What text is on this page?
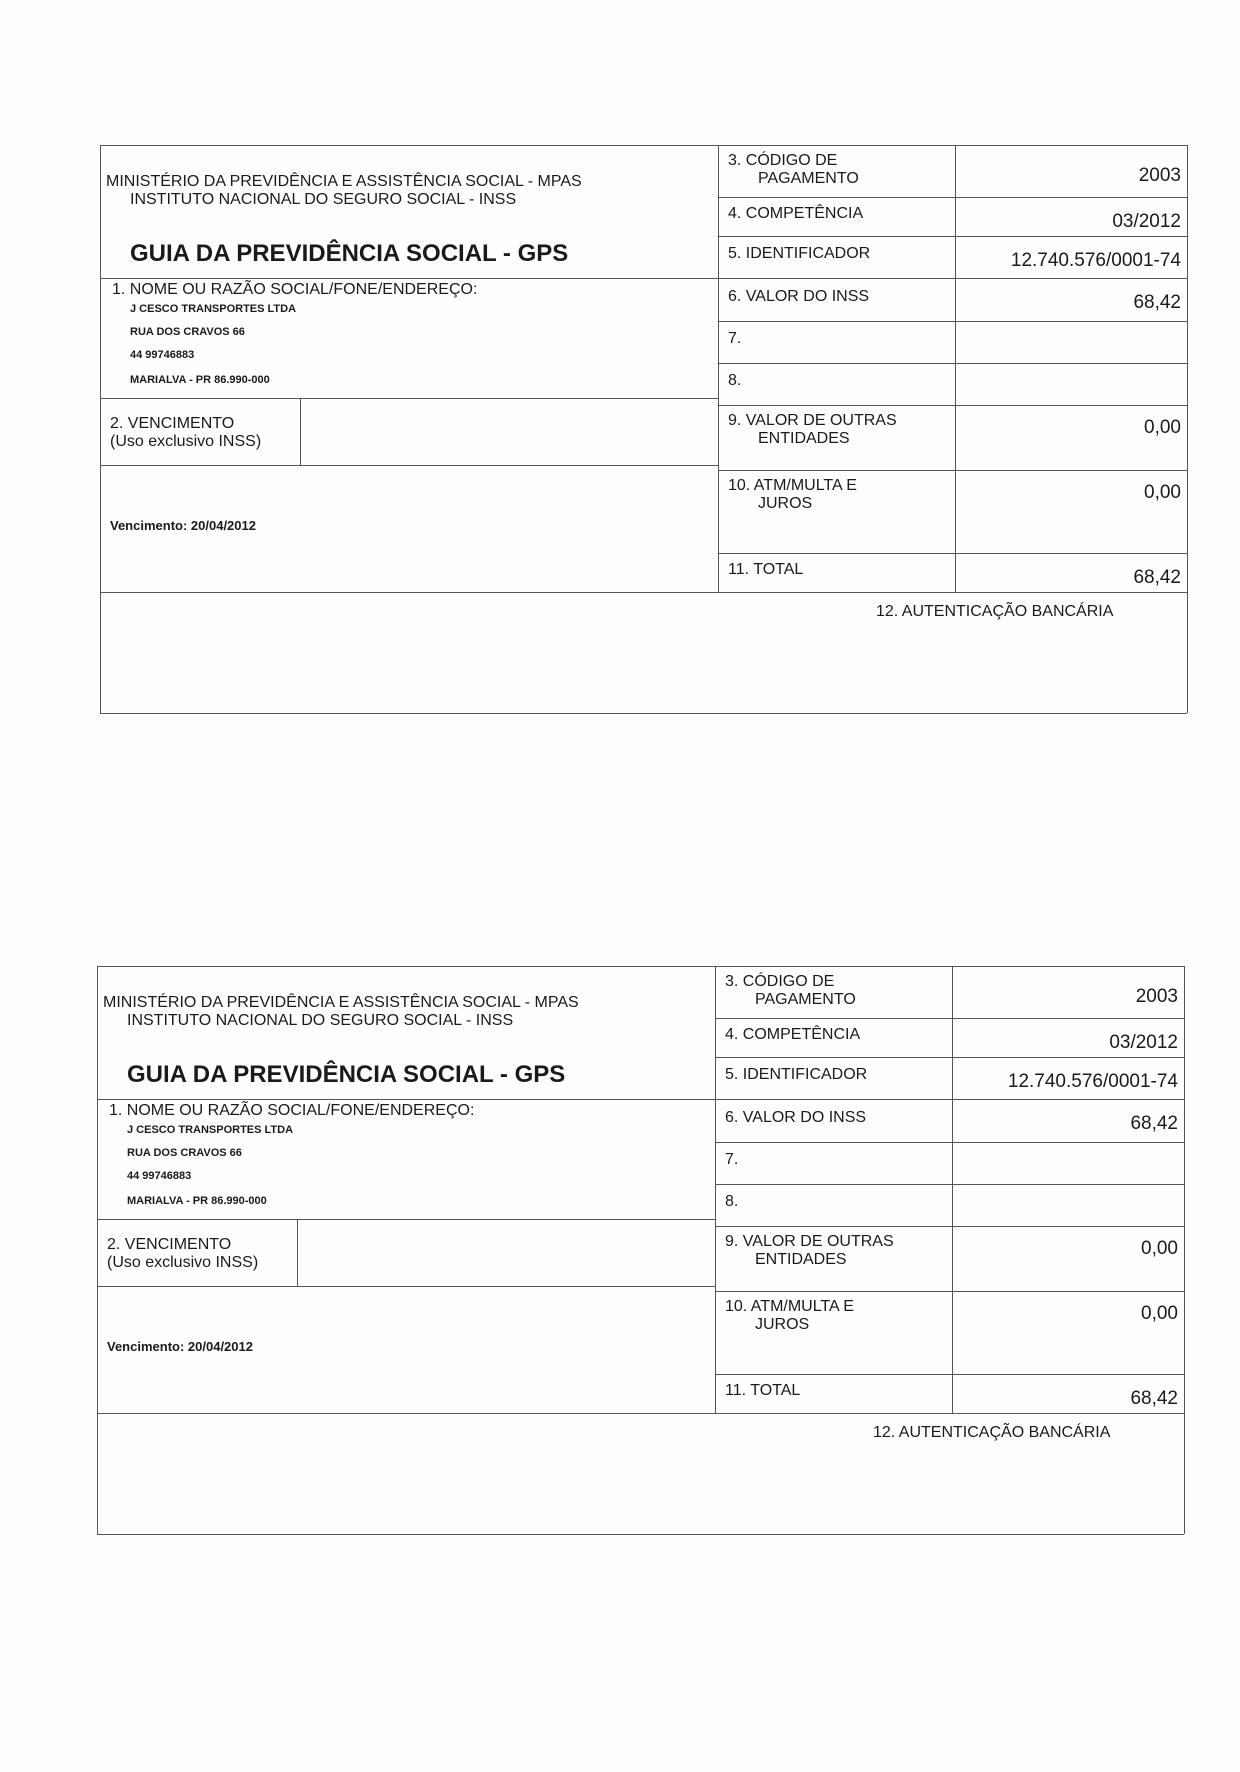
MINISTÉRIO DA PREVIDÊNCIA E ASSISTÊNCIA SOCIAL - MPAS
INSTITUTO NACIONAL DO SEGURO SOCIAL - INSS
GUIA DA PREVIDÊNCIA SOCIAL - GPS
1. NOME OU RAZÃO SOCIAL/FONE/ENDEREÇO:
J CESCO TRANSPORTES LTDA
RUA DOS CRAVOS 66
44 99746883
MARIALVA - PR 86.990-000
2. VENCIMENTO
(Uso exclusivo INSS)
Vencimento: 20/04/2012
3. CÓDIGO DE
PAGAMENTO	2003
4. COMPETÊNCIA	03/2012
5. IDENTIFICADOR	12.740.576/0001-74
6. VALOR DO INSS	68,42
7.
8.
9. VALOR DE OUTRAS
ENTIDADES
0,00
10. ATM/MULTA E
JUROS
0,00
11. TOTAL	68,42
12. AUTENTICAÇÃO BANCÁRIA
MINISTÉRIO DA PREVIDÊNCIA E ASSISTÊNCIA SOCIAL - MPAS
INSTITUTO NACIONAL DO SEGURO SOCIAL - INSS
GUIA DA PREVIDÊNCIA SOCIAL - GPS
1. NOME OU RAZÃO SOCIAL/FONE/ENDEREÇO:
J CESCO TRANSPORTES LTDA
RUA DOS CRAVOS 66
44 99746883
MARIALVA - PR 86.990-000
2. VENCIMENTO
(Uso exclusivo INSS)
Vencimento: 20/04/2012
3. CÓDIGO DE
PAGAMENTO	2003
4. COMPETÊNCIA	03/2012
5. IDENTIFICADOR	12.740.576/0001-74
6. VALOR DO INSS	68,42
7.
8.
9. VALOR DE OUTRAS
ENTIDADES
0,00
10. ATM/MULTA E
JUROS
0,00
11. TOTAL	68,42
12. AUTENTICAÇÃO BANCÁRIA
